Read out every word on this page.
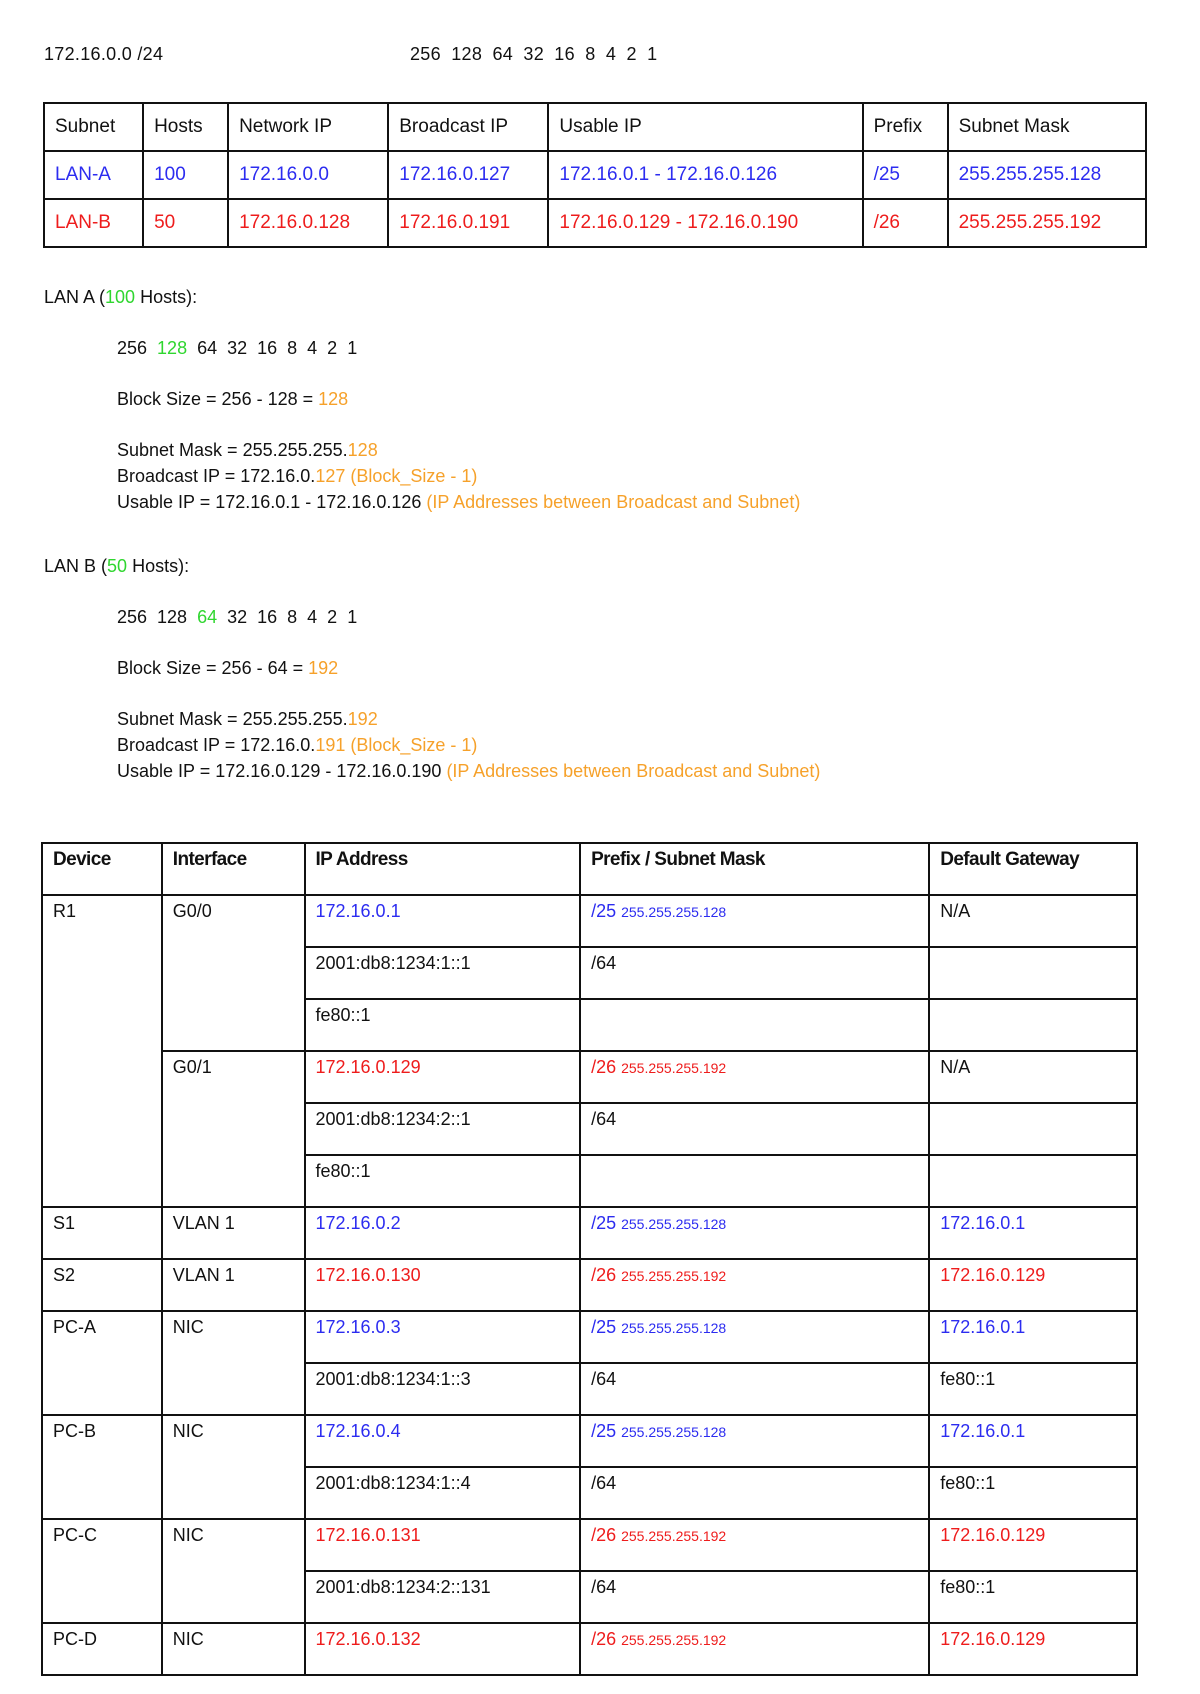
172.16.0.0 /24	256 128 64 32 16 8 4 2 1
Subnet	Hosts	Network IP	Broadcast IP	Usable IP	Prefix	Subnet Mask
LAN-A	100	172.16.0.0	172.16.0.127	172.16.0.1 - 172.16.0.126	/25	255.255.255.128
LAN-B	50	172.16.0.128	172.16.0.191	172.16.0.129 - 172.16.0.190	/26	255.255.255.192
LAN A (100 Hosts):
256 128 64 32 16 8 4 2 1
Block Size = 256 - 128 = 128
Subnet Mask = 255.255.255.128
Broadcast IP = 172.16.0.127 (Block_Size - 1)
Usable IP = 172.16.0.1 - 172.16.0.126 (IP Addresses between Broadcast and Subnet)
LAN B (50 Hosts):
256 128 64 32 16 8 4 2 1
Block Size = 256 - 64 = 192
Subnet Mask = 255.255.255.192
Broadcast IP = 172.16.0.191 (Block_Size - 1)
Usable IP = 172.16.0.129 - 172.16.0.190 (IP Addresses between Broadcast and Subnet)
Device	Interface	IP Address	Prefix / Subnet Mask	Default Gateway
R1	G0/0	172.16.0.1	/25 255.255.255.128	N/A
		2001:db8:1234:1::1	/64	
		fe80::1		
	G0/1	172.16.0.129	/26 255.255.255.192	N/A
		2001:db8:1234:2::1	/64	
		fe80::1		
S1	VLAN 1	172.16.0.2	/25 255.255.255.128	172.16.0.1
S2	VLAN 1	172.16.0.130	/26 255.255.255.192	172.16.0.129
PC-A	NIC	172.16.0.3	/25 255.255.255.128	172.16.0.1
		2001:db8:1234:1::3	/64	fe80::1
PC-B	NIC	172.16.0.4	/25 255.255.255.128	172.16.0.1
		2001:db8:1234:1::4	/64	fe80::1
PC-C	NIC	172.16.0.131	/26 255.255.255.192	172.16.0.129
		2001:db8:1234:2::131	/64	fe80::1
PC-D	NIC	172.16.0.132	/26 255.255.255.192	172.16.0.129
